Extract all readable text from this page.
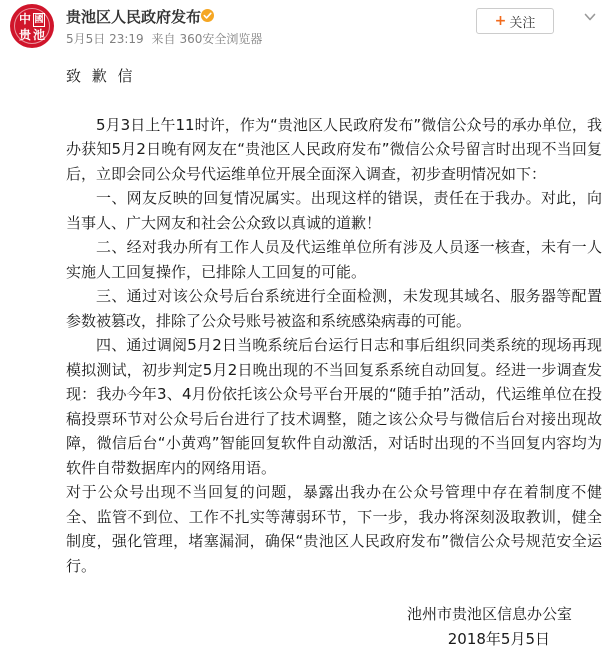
中 國
贵 池
贵池区人民政府发布
5月5日 23:19 来自 360安全浏览器
+ 关注
致 歉 信

5月3日上午11时许，作为“贵池区人民政府发布”微信公众号的承办单位，我办获知5月2日晚有网友在“贵池区人民政府发布”微信公众号留言时出现不当回复后，立即会同公众号代运维单位开展全面深入调查，初步查明情况如下：

一、网友反映的回复情况属实。出现这样的错误，责任在于我办。对此，向当事人、广大网友和社会公众致以真诚的道歉！

二、经对我办所有工作人员及代运维单位所有涉及人员逐一核查，未有一人实施人工回复操作，已排除人工回复的可能。

三、通过对该公众号后台系统进行全面检测，未发现其域名、服务器等配置参数被篡改，排除了公众号账号被盗和系统感染病毒的可能。

四、通过调阅5月2日当晚系统后台运行日志和事后组织同类系统的现场再现模拟测试，初步判定5月2日晚出现的不当回复系系统自动回复。经进一步调查发现：我办今年3、4月份依托该公众号平台开展的“随手拍”活动，代运维单位在投稿投票环节对公众号后台进行了技术调整，随之该公众号与微信后台对接出现故障，微信后台“小黄鸡”智能回复软件自动激活，对话时出现的不当回复内容均为软件自带数据库内的网络用语。

对于公众号出现不当回复的问题，暴露出我办在公众号管理中存在着制度不健全、监管不到位、工作不扎实等薄弱环节，下一步，我办将深刻汲取教训，健全制度，强化管理，堵塞漏洞，确保“贵池区人民政府发布”微信公众号规范安全运行。

池州市贵池区信息办公室
2018年5月5日
